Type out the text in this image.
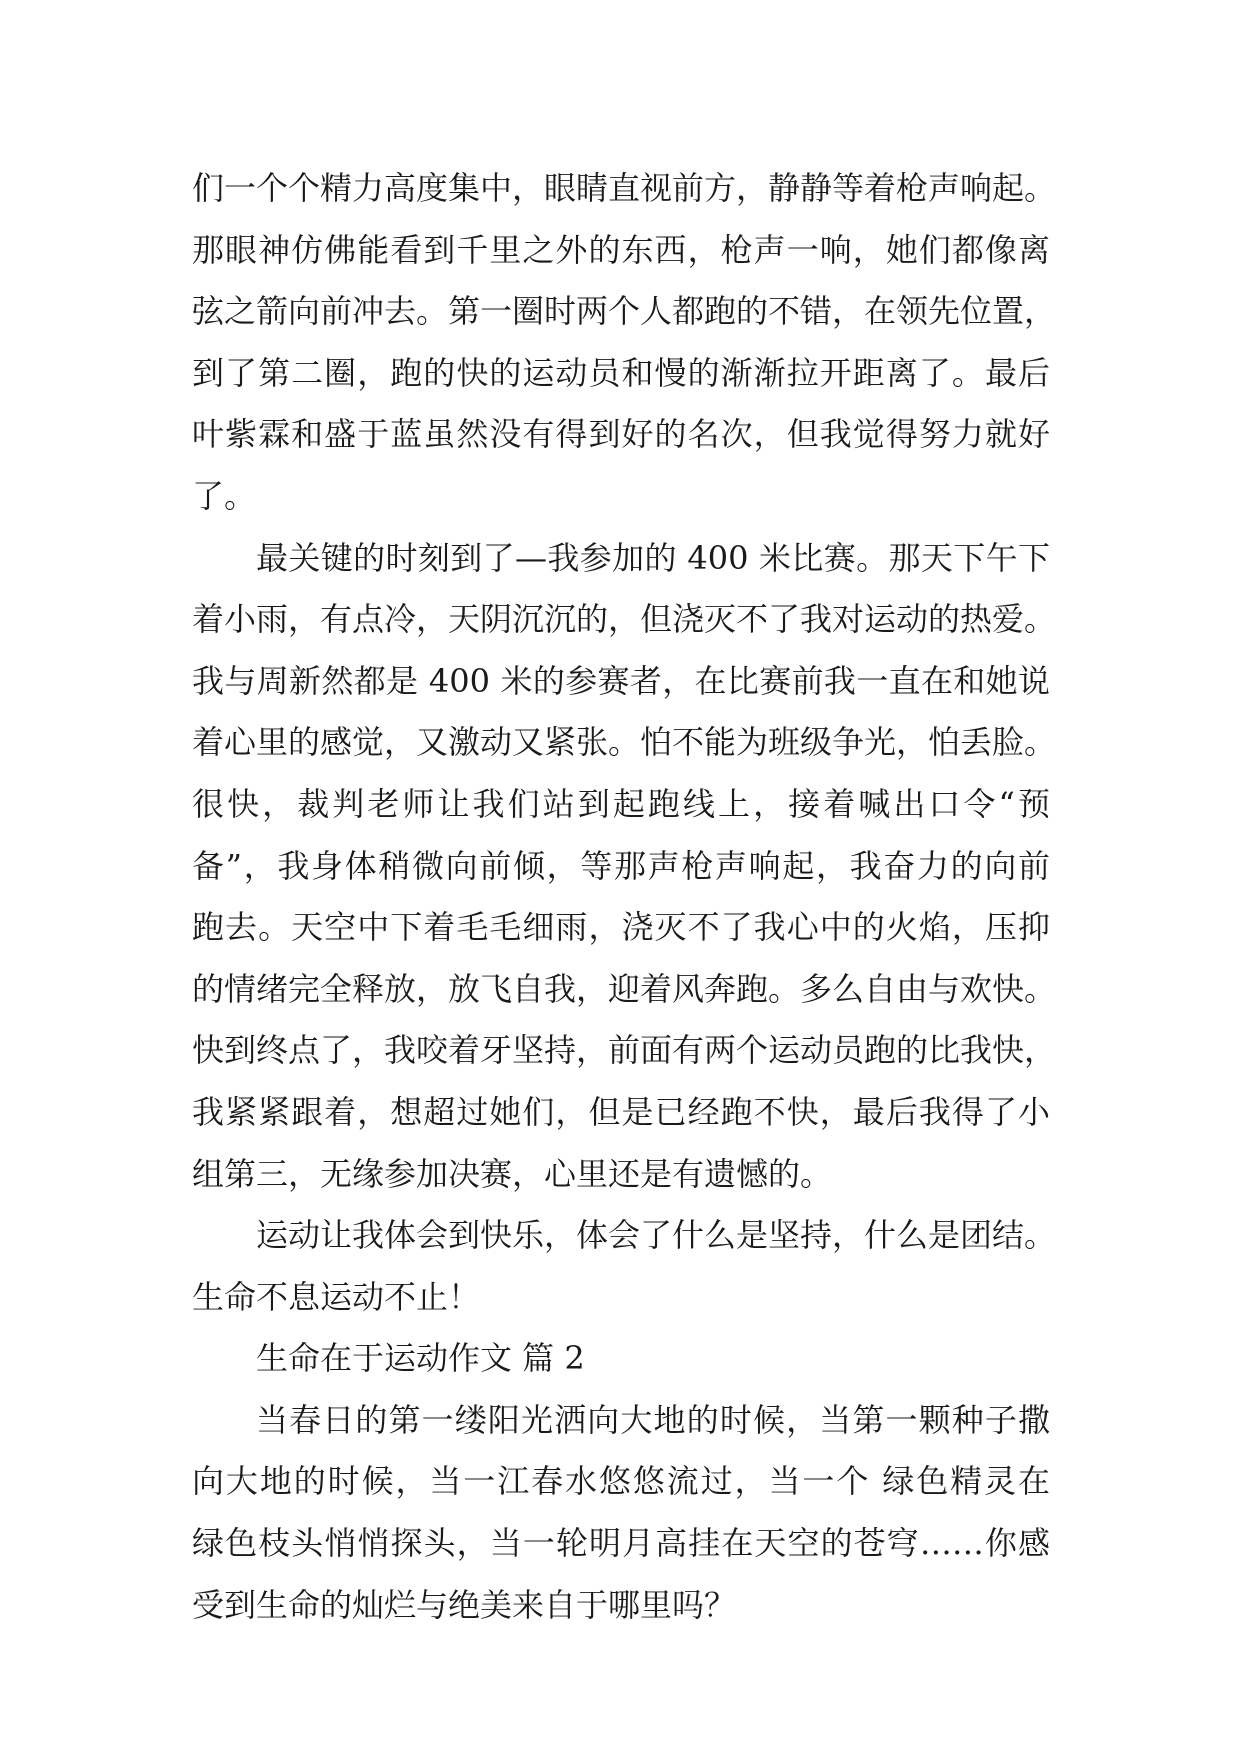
们一个个精力高度集中，眼睛直视前方，静静等着枪声响起。
那眼神仿佛能看到千里之外的东西，枪声一响，她们都像离
弦之箭向前冲去。第一圈时两个人都跑的不错，在领先位置，
到了第二圈，跑的快的运动员和慢的渐渐拉开距离了。最后
叶紫霖和盛于蓝虽然没有得到好的名次，但我觉得努力就好
了。
最关键的时刻到了—我参加的 400 米比赛。那天下午下
着小雨，有点冷，天阴沉沉的，但浇灭不了我对运动的热爱。
我与周新然都是 400 米的参赛者，在比赛前我一直在和她说
着心里的感觉，又激动又紧张。怕不能为班级争光，怕丢脸。
很快，裁判老师让我们站到起跑线上，接着喊出口令“预
备”，我身体稍微向前倾，等那声枪声响起，我奋力的向前
跑去。天空中下着毛毛细雨，浇灭不了我心中的火焰，压抑
的情绪完全释放，放飞自我，迎着风奔跑。多么自由与欢快。
快到终点了，我咬着牙坚持，前面有两个运动员跑的比我快，
我紧紧跟着，想超过她们，但是已经跑不快，最后我得了小
组第三，无缘参加决赛，心里还是有遗憾的。
运动让我体会到快乐，体会了什么是坚持，什么是团结。
生命不息运动不止！
生命在于运动作文 篇 2
当春日的第一缕阳光洒向大地的时候，当第一颗种子撒
向大地的时候，当一江春水悠悠流过，当一个 绿色精灵在
绿色枝头悄悄探头，当一轮明月高挂在天空的苍穹……你感
受到生命的灿烂与绝美来自于哪里吗？
